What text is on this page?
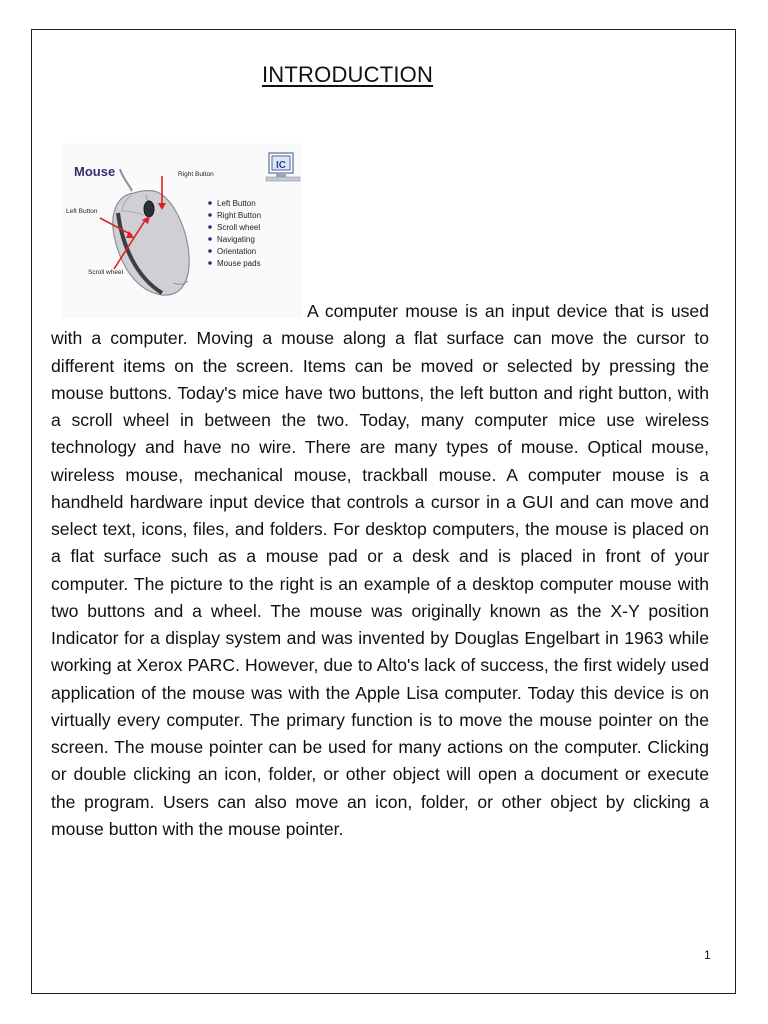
INTRODUCTION
Mouse	IC
Right Button
Left Button
Scroll wheel
Left Button
Right Button
Scroll wheel
Navigating
Orientation
Mouse pads
A computer mouse is an input device that is used with a computer. Moving a mouse along a flat surface can move the cursor to different items on the screen. Items can be moved or selected by pressing the mouse buttons. Today's mice have two buttons, the left button and right button, with a scroll wheel in between the two. Today, many computer mice use wireless technology and have no wire. There are many types of mouse. Optical mouse, wireless mouse, mechanical mouse, trackball mouse. A computer mouse is a handheld hardware input device that controls a cursor in a GUI and can move and select text, icons, files, and folders. For desktop computers, the mouse is placed on a flat surface such as a mouse pad or a desk and is placed in front of your computer. The picture to the right is an example of a desktop computer mouse with two buttons and a wheel. The mouse was originally known as the X-Y position Indicator for a display system and was invented by Douglas Engelbart in 1963 while working at Xerox PARC. However, due to Alto's lack of success, the first widely used application of the mouse was with the Apple Lisa computer. Today this device is on virtually every computer. The primary function is to move the mouse pointer on the screen. The mouse pointer can be used for many actions on the computer. Clicking or double clicking an icon, folder, or other object will open a document or execute the program. Users can also move an icon, folder, or other object by clicking a mouse button with the mouse pointer.
1
